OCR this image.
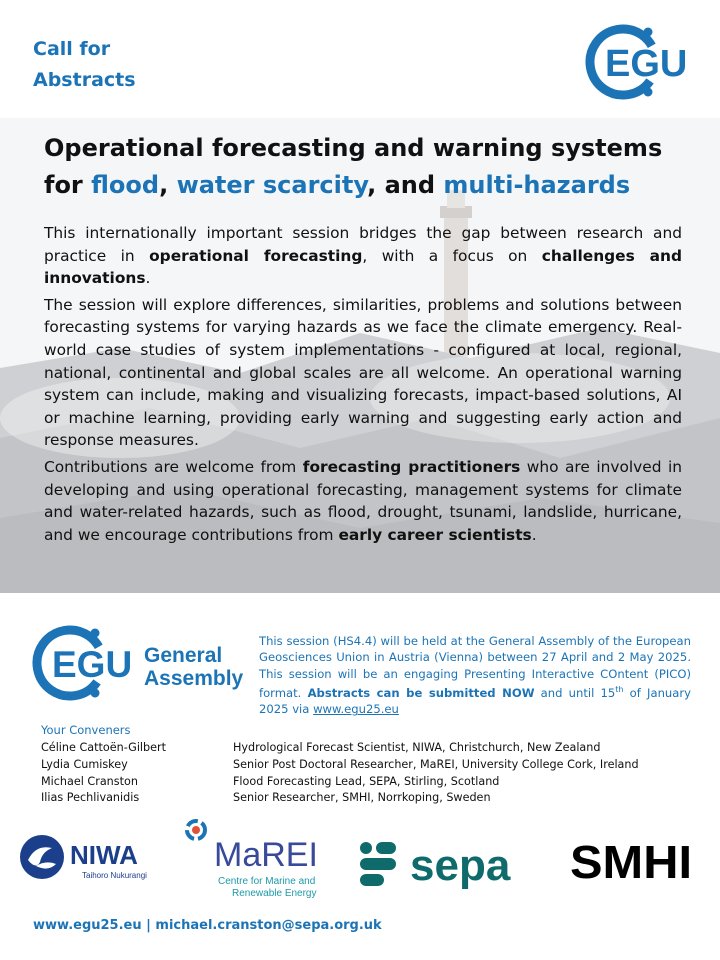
Call for
Abstracts	EGU
Operational forecasting and warning systems
for flood, water scarcity, and multi-hazards

This internationally important session bridges the gap between research and practice in operational forecasting, with a focus on challenges and innovations.

The session will explore differences, similarities, problems and solutions between forecasting systems for varying hazards as we face the climate emergency. Real-world case studies of system implementations - configured at local, regional, national, continental and global scales are all welcome. An operational warning system can include, making and visualizing forecasts, impact-based solutions, AI or machine learning, providing early warning and suggesting early action and response measures.

Contributions are welcome from forecasting practitioners who are involved in developing and using operational forecasting, management systems for climate and water-related hazards, such as flood, drought, tsunami, landslide, hurricane, and we encourage contributions from early career scientists.

EGU General
Assembly
This session (HS4.4) will be held at the General Assembly of the European Geosciences Union in Austria (Vienna) between 27 April and 2 May 2025. This session will be an engaging Presenting Interactive COntent (PICO) format. Abstracts can be submitted NOW and until 15th of January 2025 via www.egu25.eu
Your Conveners
Céline Cattoën-Gilbert	Hydrological Forecast Scientist, NIWA, Christchurch, New Zealand
Lydia Cumiskey	Senior Post Doctoral Researcher, MaREI, University College Cork, Ireland
Michael Cranston	Flood Forecasting Lead, SEPA, Stirling, Scotland
Ilias Pechlivanidis	Senior Researcher, SMHI, Norrkoping, Sweden
NIWA
Taihoro Nukurangi
MaREI
Centre for Marine and
Renewable Energy
sepa SMHI
www.egu25.eu | michael.cranston@sepa.org.uk
